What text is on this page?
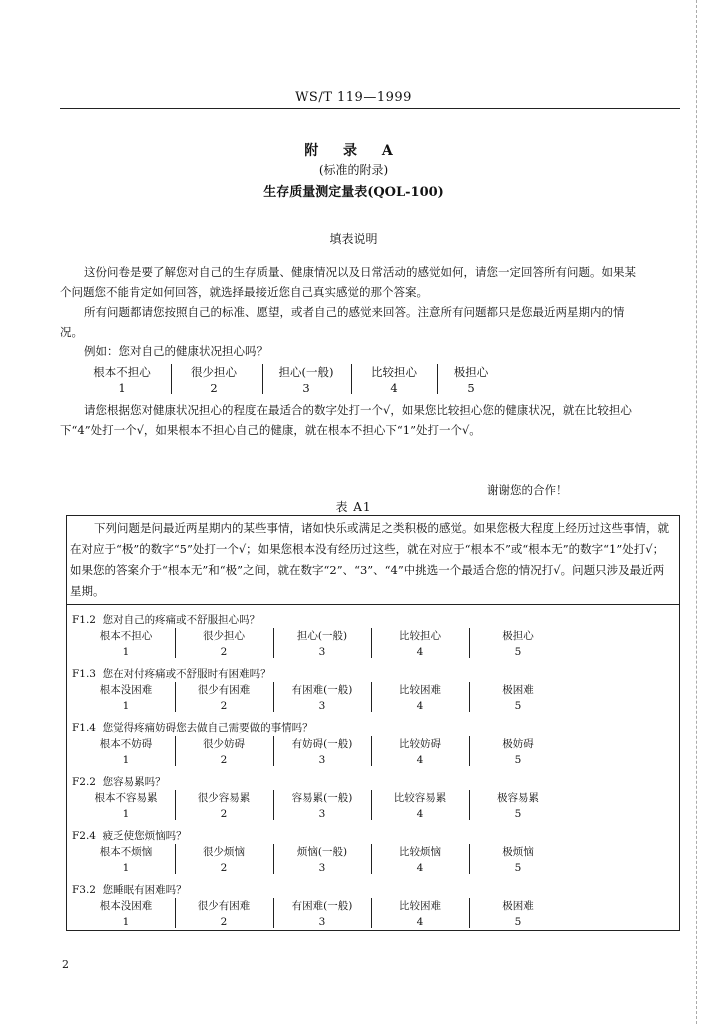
WS/T 119—1999
附 录 A
(标准的附录)
生存质量测定量表(QOL-100)
填表说明
这份问卷是要了解您对自己的生存质量、健康情况以及日常活动的感觉如何，请您一定回答所有问题。如果某个问题您不能肯定如何回答，就选择最接近您自己真实感觉的那个答案。
所有问题都请您按照自己的标准、愿望，或者自己的感觉来回答。注意所有问题都只是您最近两星期内的情况。
例如：您对自己的健康状况担心吗？
根本不担心
1
很少担心
2
担心(一般)
3
比较担心
4
极担心
5
请您根据您对健康状况担心的程度在最适合的数字处打一个√，如果您比较担心您的健康状况，就在比较担心下“4”处打一个√，如果根本不担心自己的健康，就在根本不担心下“1”处打一个√。
谢谢您的合作！
表 A1
下列问题是问最近两星期内的某些事情，诸如快乐或满足之类积极的感觉。如果您极大程度上经历过这些事情，就在对应于“极”的数字“5”处打一个√；如果您根本没有经历过这些，就在对应于“根本不”或“根本无”的数字“1”处打√；如果您的答案介于“根本无”和“极”之间，就在数字“2”、“3”、“4”中挑选一个最适合您的情况打√。问题只涉及最近两星期。
F1.2 您对自己的疼痛或不舒服担心吗？
根本不担心
1
很少担心
2
担心(一般)
3
比较担心
4
极担心
5
F1.3 您在对付疼痛或不舒服时有困难吗？
根本没困难
1
很少有困难
2
有困难(一般)
3
比较困难
4
极困难
5
F1.4 您觉得疼痛妨碍您去做自己需要做的事情吗？
根本不妨碍
1
很少妨碍
2
有妨碍(一般)
3
比较妨碍
4
极妨碍
5
F2.2 您容易累吗？
根本不容易累
1
很少容易累
2
容易累(一般)
3
比较容易累
4
极容易累
5
F2.4 疲乏使您烦恼吗？
根本不烦恼
1
很少烦恼
2
烦恼(一般)
3
比较烦恼
4
极烦恼
5
F3.2 您睡眠有困难吗？
根本没困难
1
很少有困难
2
有困难(一般)
3
比较困难
4
极困难
5
2
